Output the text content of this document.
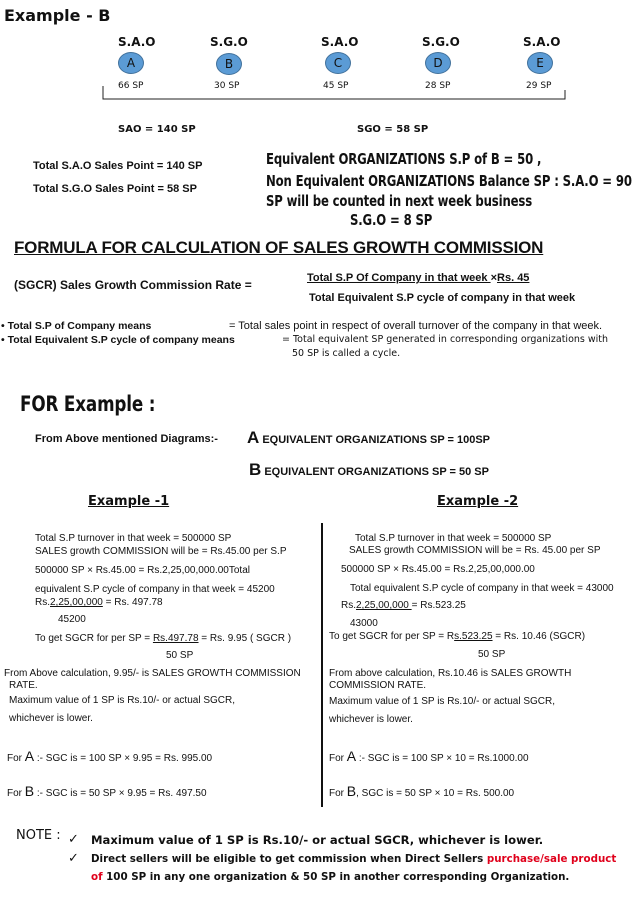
Example - B
S.A.O	S.G.O	S.A.O	S.G.O	S.A.O
A	B	C	D	E
66 SP	30 SP	45 SP	28 SP	29 SP
SAO = 140 SP	SGO = 58 SP
Total S.A.O Sales Point = 140 SP
Total S.G.O Sales Point = 58 SP
Equivalent ORGANIZATIONS S.P of B = 50 ,
Non Equivalent ORGANIZATIONS Balance SP : S.A.O = 90
SP will be counted in next week business
S.G.O = 8 SP
FORMULA FOR CALCULATION OF SALES GROWTH COMMISSION
(SGCR) Sales Growth Commission Rate =	Total S.P Of Company in that week ×Rs. 45
Total Equivalent S.P cycle of company in that week
• Total S.P of Company means	= Total sales point in respect of overall turnover of the company in that week.
• Total Equivalent S.P cycle of company means	= Total equivalent SP generated in corresponding organizations with
50 SP is called a cycle.
FOR Example :
From Above mentioned Diagrams:- A EQUIVALENT ORGANIZATIONS SP = 100SP
B EQUIVALENT ORGANIZATIONS SP = 50 SP
Example -1	Example -2
Total S.P turnover in that week = 500000 SP
SALES growth COMMISSION will be = Rs.45.00 per S.P
500000 SP × Rs.45.00 = Rs.2,25,00,000.00Total
equivalent S.P cycle of company in that week = 45200
Rs.2,25,00,000 = Rs. 497.78
45200
To get SGCR for per SP = Rs.497.78 = Rs. 9.95 ( SGCR )
50 SP
From Above calculation, 9.95/- is SALES GROWTH COMMISSION
RATE.
Maximum value of 1 SP is Rs.10/- or actual SGCR,
whichever is lower.
For A :- SGC is = 100 SP × 9.95 = Rs. 995.00
For B :- SGC is = 50 SP × 9.95 = Rs. 497.50
Total S.P turnover in that week = 500000 SP
SALES growth COMMISSION will be = Rs. 45.00 per SP
500000 SP × Rs.45.00 = Rs.2,25,00,000.00
Total equivalent S.P cycle of company in that week = 43000
Rs.2,25,00,000 = Rs.523.25
43000
To get SGCR for per SP = Rs.523.25 = Rs. 10.46 (SGCR)
50 SP
From above calculation, Rs.10.46 is SALES GROWTH
COMMISSION RATE.
Maximum value of 1 SP is Rs.10/- or actual SGCR,
whichever is lower.
For A :- SGC is = 100 SP × 10 = Rs.1000.00
For B, SGC is = 50 SP × 10 = Rs. 500.00
NOTE : ✓ Maximum value of 1 SP is Rs.10/- or actual SGCR, whichever is lower.
✓ Direct sellers will be eligible to get commission when Direct Sellers purchase/sale product
of 100 SP in any one organization & 50 SP in another corresponding Organization.
